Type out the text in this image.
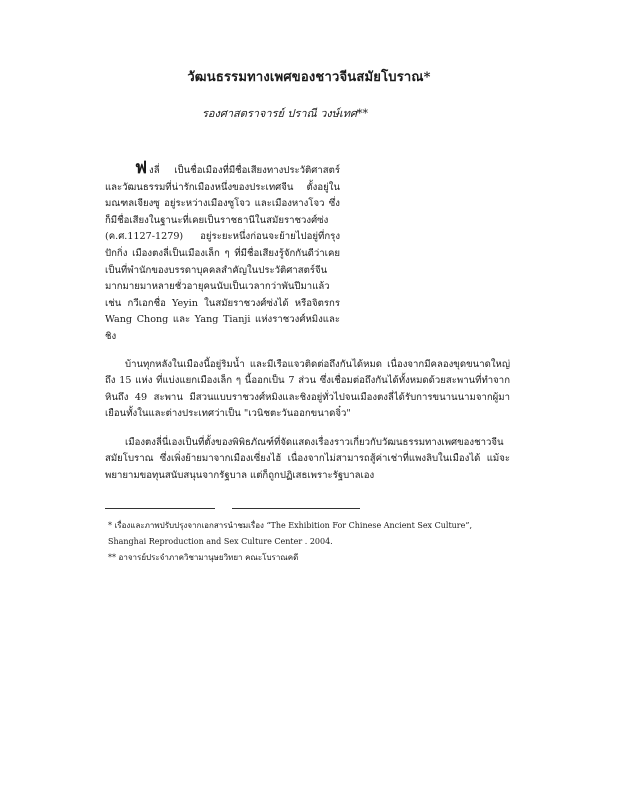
วัฒนธรรมทางเพศของชาวจีนสมัยโบราณ*
รองศาสตราจารย์ ปราณี วงษ์เทศ**
ฟงลี่ เป็นชื่อเมืองที่มีชื่อเสียงทางประวัติศาสตร์และวัฒนธรรมที่น่ารักเมืองหนึ่งของประเทศจีน ตั้งอยู่ในมณฑลเจียงซู อยู่ระหว่างเมืองซูโจว และเมืองหางโจว ซึ่งก็มีชื่อเสียงในฐานะที่เคยเป็นราชธานีในสมัยราชวงศ์ซ่ง (ค.ศ.1127-1279) อยู่ระยะหนึ่งก่อนจะย้ายไปอยู่ที่กรุงปักกิ่ง เมืองตงลี่เป็นเมืองเล็ก ๆ ที่มีชื่อเสียงรู้จักกันดีว่าเคยเป็นที่พำนักของบรรดาบุคคลสำคัญในประวัติศาสตร์จีนมากมายมาหลายชั่วอายุคนนับเป็นเวลากว่าพันปีมาแล้ว เช่น กวีเอกชื่อ Yeyin ในสมัยราชวงศ์ซ่งได้ หรือจิตรกร Wang Chong และ Yang Tianji แห่งราชวงศ์หมิงและชิง
บ้านทุกหลังในเมืองนี้อยู่ริมน้ำ และมีเรือแจวติดต่อถึงกันได้หมด เนื่องจากมีคลองขุดขนาดใหญ่ถึง 15 แห่ง ที่แบ่งแยกเมืองเล็ก ๆ นี้ออกเป็น 7 ส่วน ซึ่งเชื่อมต่อถึงกันได้ทั้งหมดด้วยสะพานที่ทำจากหินถึง 49 สะพาน มีสวนแบบราชวงศ์หมิงและชิงอยู่ทั่วไปจนเมืองตงลี่ได้รับการขนานนามจากผู้มาเยือนทั้งในและต่างประเทศว่าเป็น "เวนิชตะวันออกขนาดจิ๋ว"
เมืองตงลี่นี่เองเป็นที่ตั้งของพิพิธภัณฑ์ที่จัดแสดงเรื่องราวเกี่ยวกับวัฒนธรรมทางเพศของชาวจีนสมัยโบราณ ซึ่งเพิ่งย้ายมาจากเมืองเซี่ยงไฮ้ เนื่องจากไม่สามารถสู้ค่าเช่าที่แพงลิบในเมืองได้ แม้จะพยายามขอทุนสนับสนุนจากรัฐบาล แต่ก็ถูกปฏิเสธเพราะรัฐบาลเอง
* เรื่องและภาพปรับปรุงจากเอกสารนำชมเรื่อง “The Exhibition For Chinese Ancient Sex Culture”,
Shanghai Reproduction and Sex Culture Center . 2004.
** อาจารย์ประจำภาควิชามานุษยวิทยา คณะโบราณคดี
